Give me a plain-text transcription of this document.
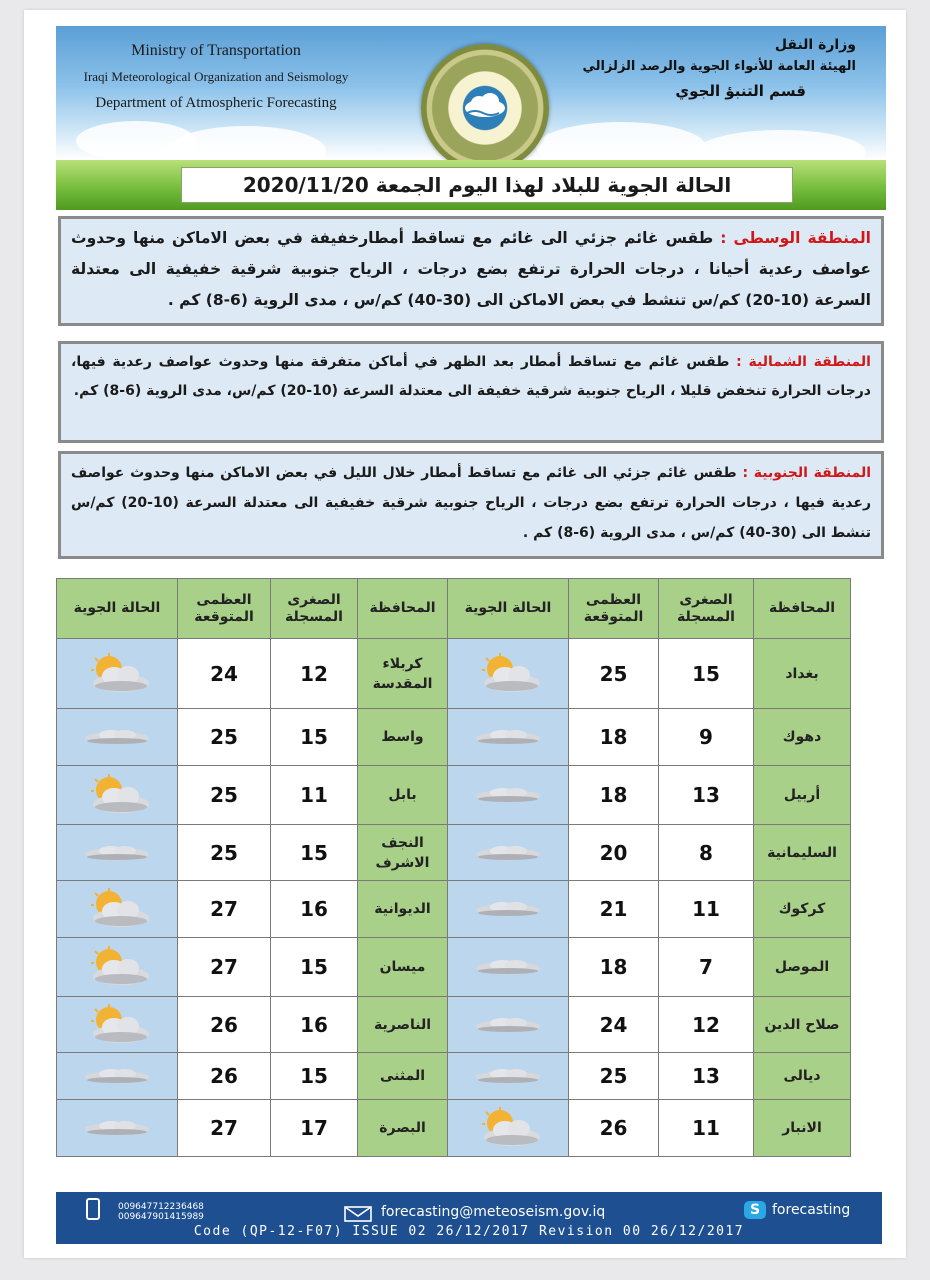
Ministry of Transportation
Iraqi Meteorological Organization and Seismology
Department of Atmospheric Forecasting
وزارة النقل
الهيئة العامة للأنواء الجوية والرصد الزلزالي
قسم التنبؤ الجوي
الحالة الجوية للبلاد لهذا اليوم الجمعة 2020/11/20
المنطقة الوسطى : طقس غائم جزئي الى غائم مع تساقط أمطارخفيفة في بعض الاماكن منها وحدوث عواصف رعدية أحيانا ، درجات الحرارة ترتفع بضع درجات ، الرياح جنوبية شرقية خفيفية الى معتدلة السرعة (10-20) كم/س تنشط في بعض الاماكن الى (30-40) كم/س ، مدى الروية (6-8) كم .
المنطقة الشمالية : طقس غائم مع تساقط أمطار بعد الظهر في أماكن متفرقة منها وحدوث عواصف رعدية فيها، درجات الحرارة تنخفض قليلا ، الرياح جنوبية شرقية خفيفة الى معتدلة السرعة (10-20) كم/س، مدى الروية (6-8) كم.
المنطقة الجنوبية : طقس غائم جزئي الى غائم مع تساقط أمطار خلال الليل في بعض الاماكن منها وحدوث عواصف رعدية فيها ، درجات الحرارة ترتفع بضع درجات ، الرياح جنوبية شرقية خفيفية الى معتدلة السرعة (10-20) كم/س تنشط الى (30-40) كم/س ، مدى الروية (6-8) كم .
المحافظة	الصغرى المسجلة	العظمى المتوقعة	الحالة الجوية	المحافظة	الصغرى المسجلة	العظمى المتوقعة	الحالة الجوية
بغداد	15	25		كربلاء المقدسة	12	24	

دهوك	9	18		واسط	15	25	

أربيل	13	18		بابل	11	25	

السليمانية	8	20		النجف الاشرف	15	25	

كركوك	11	21		الديوانية	16	27	

الموصل	7	18		ميسان	15	27	

صلاح الدين	12	24		الناصرية	16	26	

ديالى	13	25		المثنى	15	26	

الانبار	11	26		البصرة	17	27	
009647712236468
009647901415989	forecasting@meteoseism.gov.iq	S forecasting
Code (QP-12-F07) ISSUE 02 26/12/2017 Revision 00 26/12/2017
